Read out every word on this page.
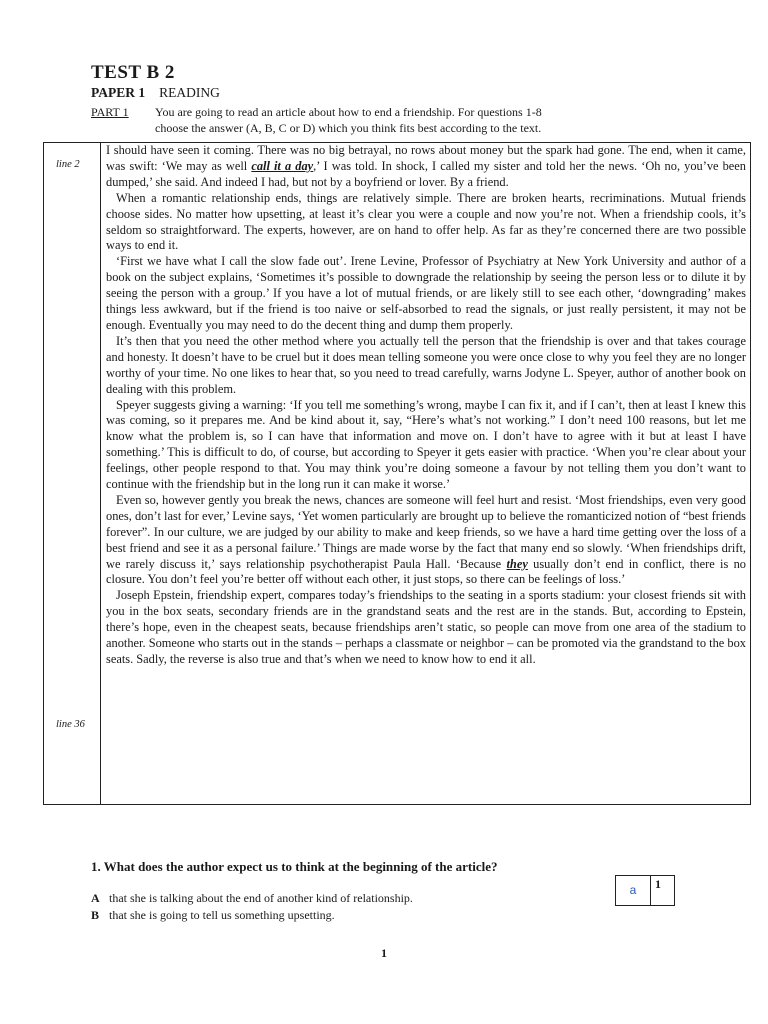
TEST B 2
PAPER 1 READING
PART 1 You are going to read an article about how to end a friendship. For questions 1-8
choose the answer (A, B, C or D) which you think fits best according to the text.
line 2
line 36

I should have seen it coming. There was no big betrayal, no rows about money but the spark had gone. The end, when it came, was swift: ‘We may as well call it a day,’ I was told. In shock, I called my sister and told her the news. ‘Oh no, you’ve been dumped,’ she said. And indeed I had, but not by a boyfriend or lover. By a friend.

When a romantic relationship ends, things are relatively simple. There are broken hearts, recriminations. Mutual friends choose sides. No matter how upsetting, at least it’s clear you were a couple and now you’re not. When a friendship cools, it’s seldom so straightforward. The experts, however, are on hand to offer help. As far as they’re concerned there are two possible ways to end it.

‘First we have what I call the slow fade out’. Irene Levine, Professor of Psychiatry at New York University and author of a book on the subject explains, ‘Sometimes it’s possible to downgrade the relationship by seeing the person less or to dilute it by seeing the person with a group.’ If you have a lot of mutual friends, or are likely still to see each other, ‘downgrading’ makes things less awkward, but if the friend is too naive or self-absorbed to read the signals, or just really persistent, it may not be enough. Eventually you may need to do the decent thing and dump them properly.

It’s then that you need the other method where you actually tell the person that the friendship is over and that takes courage and honesty. It doesn’t have to be cruel but it does mean telling someone you were once close to why you feel they are no longer worthy of your time. No one likes to hear that, so you need to tread carefully, warns Jodyne L. Speyer, author of another book on dealing with this problem.

Speyer suggests giving a warning: ‘If you tell me something’s wrong, maybe I can fix it, and if I can’t, then at least I knew this was coming, so it prepares me. And be kind about it, say, “Here’s what’s not working.” I don’t need 100 reasons, but let me know what the problem is, so I can have that information and move on. I don’t have to agree with it but at least I have something.’ This is difficult to do, of course, but according to Speyer it gets easier with practice. ‘When you’re clear about your feelings, other people respond to that. You may think you’re doing someone a favour by not telling them you don’t want to continue with the friendship but in the long run it can make it worse.’

Even so, however gently you break the news, chances are someone will feel hurt and resist. ‘Most friendships, even very good ones, don’t last for ever,’ Levine says, ‘Yet women particularly are brought up to believe the romanticized notion of “best friends forever”. In our culture, we are judged by our ability to make and keep friends, so we have a hard time getting over the loss of a best friend and see it as a personal failure.’ Things are made worse by the fact that many end so slowly. ‘When friendships drift, we rarely discuss it,’ says relationship psychotherapist Paula Hall. ‘Because they usually don’t end in conflict, there is no closure. You don’t feel you’re better off without each other, it just stops, so there can be feelings of loss.’

Joseph Epstein, friendship expert, compares today’s friendships to the seating in a sports stadium: your closest friends sit with you in the box seats, secondary friends are in the grandstand seats and the rest are in the stands. But, according to Epstein, there’s hope, even in the cheapest seats, because friendships aren’t static, so people can move from one area of the stadium to another. Someone who starts out in the stands – perhaps a classmate or neighbor – can be promoted via the grandstand to the box seats. Sadly, the reverse is also true and that’s when we need to know how to end it all.

1. What does the author expect us to think at the beginning of the article?
A that she is talking about the end of another kind of relationship.
B that she is going to tell us something upsetting.
a	1
1
